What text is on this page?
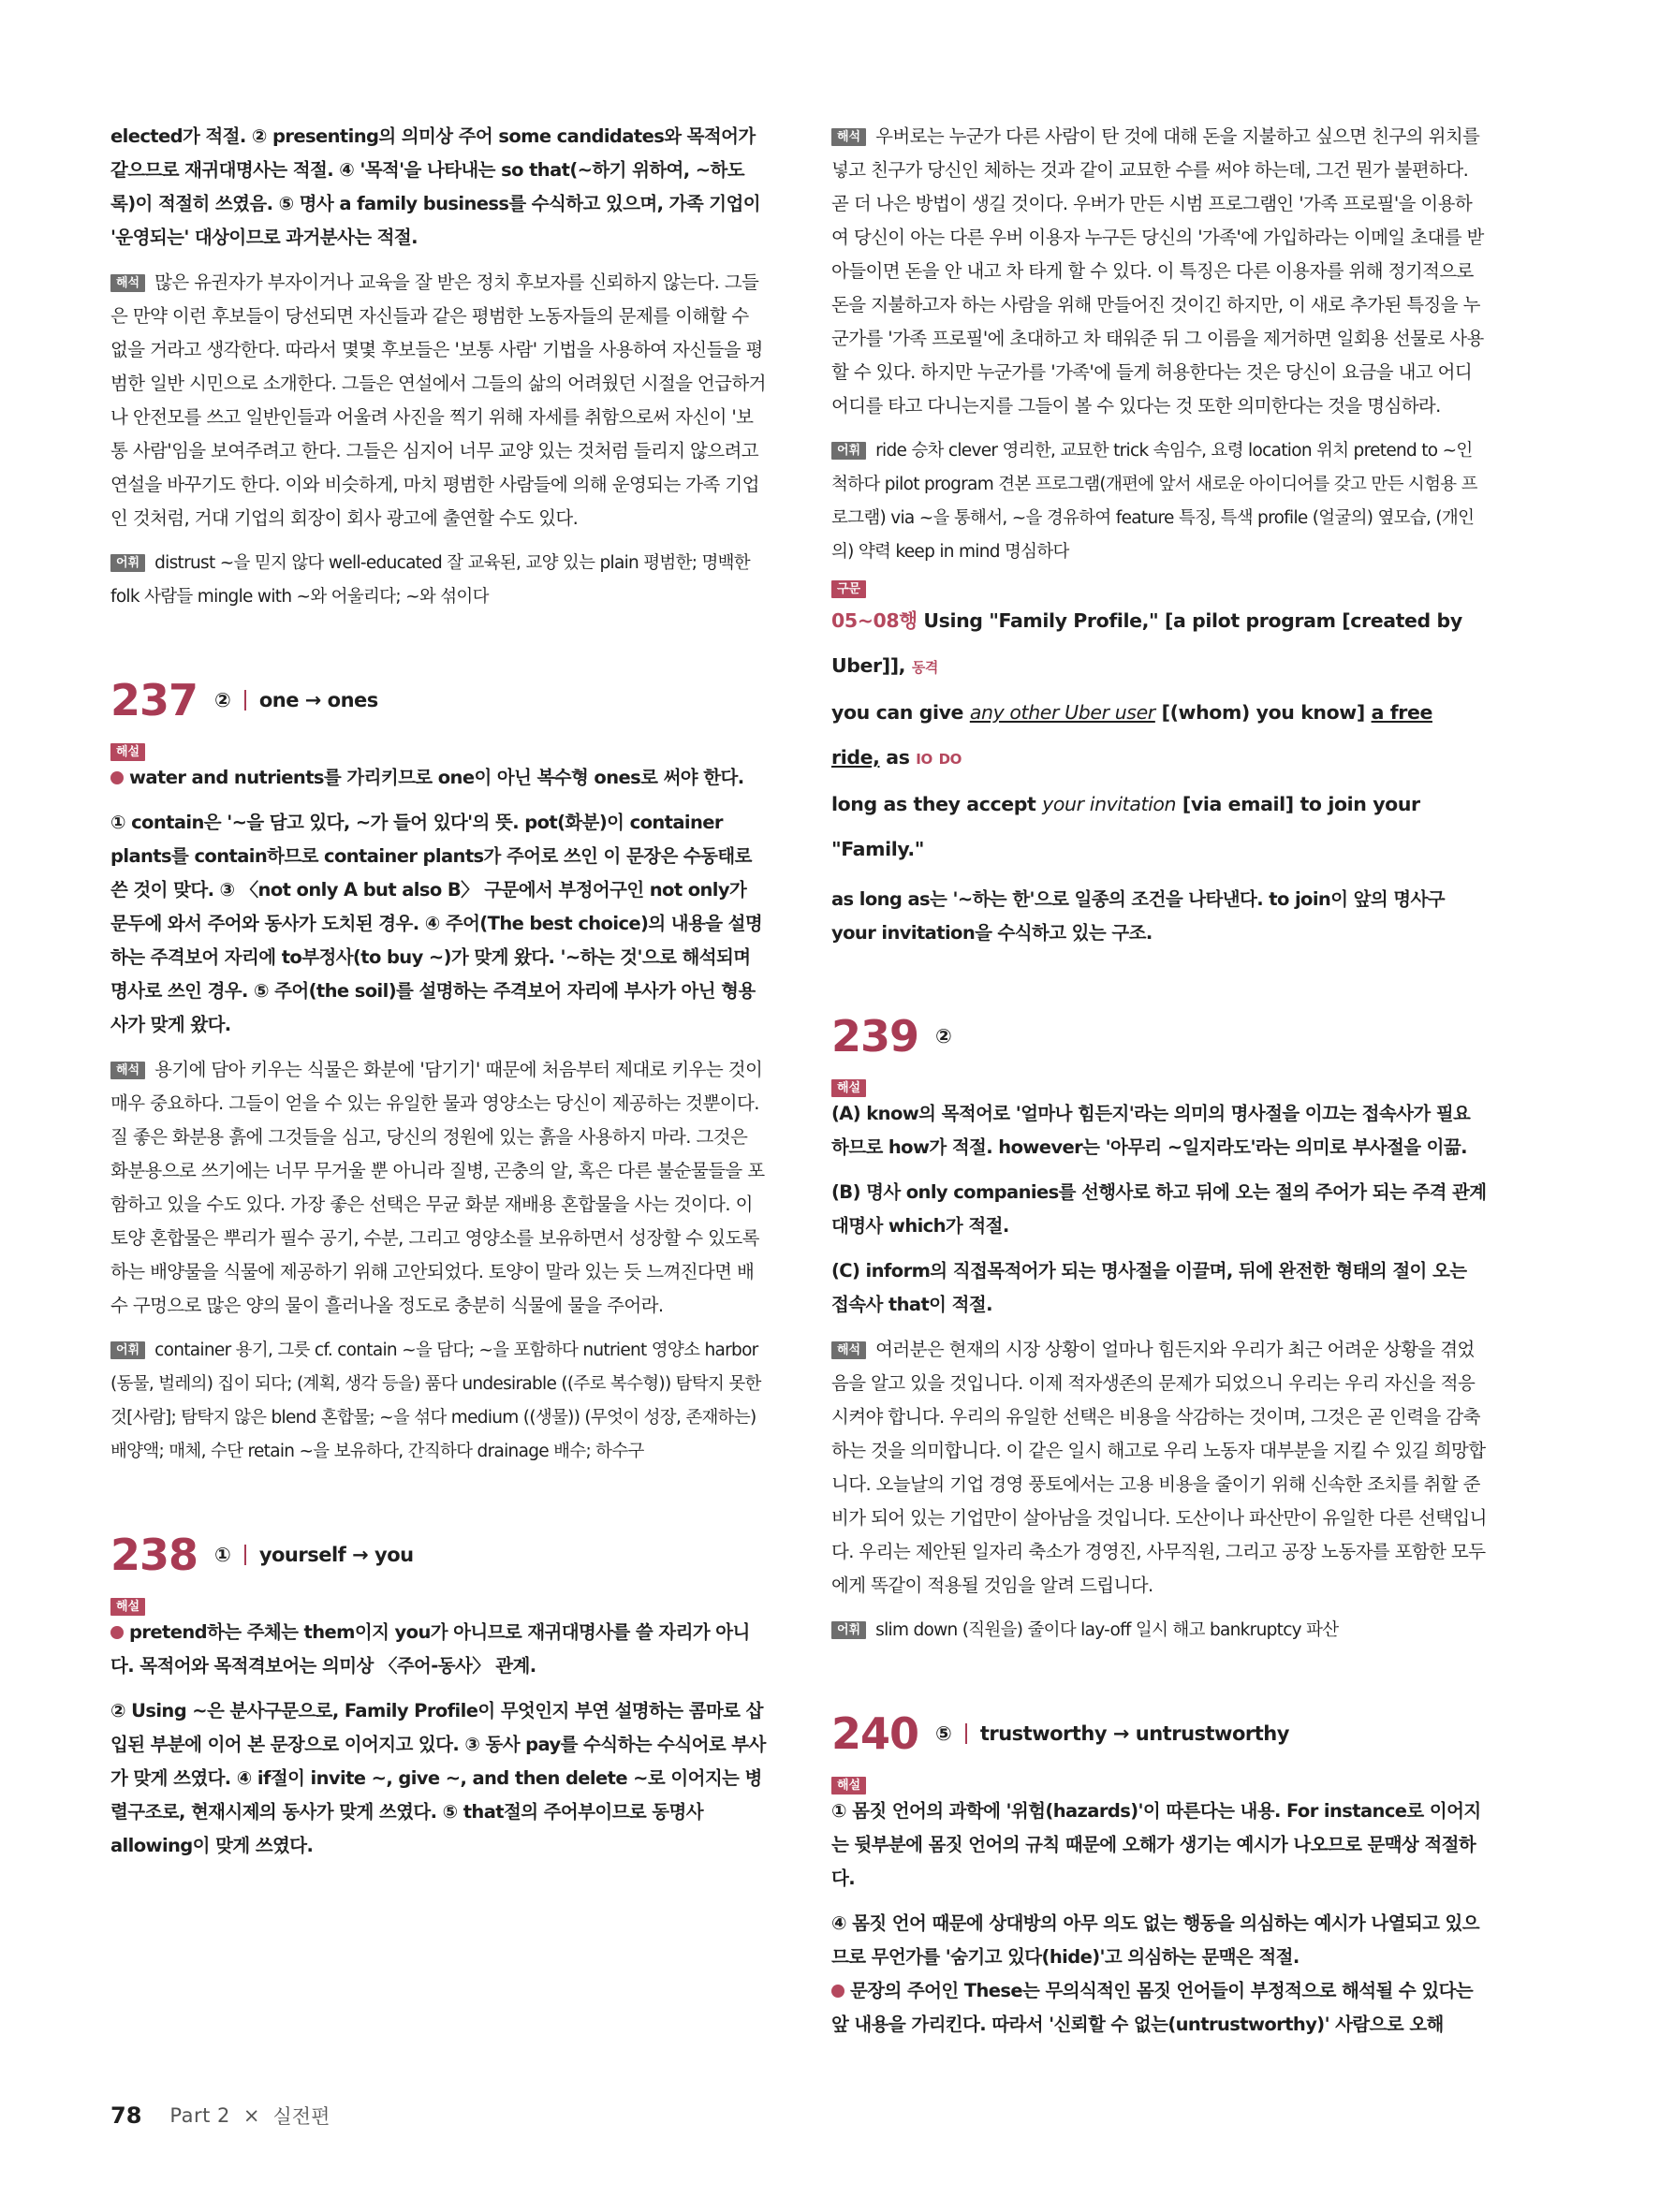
elected가 적절. ② presenting의 의미상 주어 some candidates와 목적어가 같으므로 재귀대명사는 적절. ④ '목적'을 나타내는 so that(~하기 위하여, ~하도록)이 적절히 쓰였음. ⑤ 명사 a family business를 수식하고 있으며, 가족 기업이 '운영되는' 대상이므로 과거분사는 적절.

해석 많은 유권자가 부자이거나 교육을 잘 받은 정치 후보자를 신뢰하지 않는다. 그들은 만약 이런 후보들이 당선되면 자신들과 같은 평범한 노동자들의 문제를 이해할 수 없을 거라고 생각한다. 따라서 몇몇 후보들은 '보통 사람' 기법을 사용하여 자신들을 평범한 일반 시민으로 소개한다. 그들은 연설에서 그들의 삶의 어려웠던 시절을 언급하거나 안전모를 쓰고 일반인들과 어울려 사진을 찍기 위해 자세를 취함으로써 자신이 '보통 사람'임을 보여주려고 한다. 그들은 심지어 너무 교양 있는 것처럼 들리지 않으려고 연설을 바꾸기도 한다. 이와 비슷하게, 마치 평범한 사람들에 의해 운영되는 가족 기업인 것처럼, 거대 기업의 회장이 회사 광고에 출연할 수도 있다.

어휘 distrust ~을 믿지 않다 well-educated 잘 교육된, 교양 있는 plain 평범한; 명백한 folk 사람들 mingle with ~와 어울리다; ~와 섞이다

237 ② one → ones
해설

water and nutrients를 가리키므로 one이 아닌 복수형 ones로 써야 한다.

① contain은 '~을 담고 있다, ~가 들어 있다'의 뜻. pot(화분)이 container plants를 contain하므로 container plants가 주어로 쓰인 이 문장은 수동태로 쓴 것이 맞다. ③ 〈not only A but also B〉 구문에서 부정어구인 not only가 문두에 와서 주어와 동사가 도치된 경우. ④ 주어(The best choice)의 내용을 설명하는 주격보어 자리에 to부정사(to buy ~)가 맞게 왔다. '~하는 것'으로 해석되며 명사로 쓰인 경우. ⑤ 주어(the soil)를 설명하는 주격보어 자리에 부사가 아닌 형용사가 맞게 왔다.

해석 용기에 담아 키우는 식물은 화분에 '담기기' 때문에 처음부터 제대로 키우는 것이 매우 중요하다. 그들이 얻을 수 있는 유일한 물과 영양소는 당신이 제공하는 것뿐이다. 질 좋은 화분용 흙에 그것들을 심고, 당신의 정원에 있는 흙을 사용하지 마라. 그것은 화분용으로 쓰기에는 너무 무거울 뿐 아니라 질병, 곤충의 알, 혹은 다른 불순물들을 포함하고 있을 수도 있다. 가장 좋은 선택은 무균 화분 재배용 혼합물을 사는 것이다. 이 토양 혼합물은 뿌리가 필수 공기, 수분, 그리고 영양소를 보유하면서 성장할 수 있도록 하는 배양물을 식물에 제공하기 위해 고안되었다. 토양이 말라 있는 듯 느껴진다면 배수 구멍으로 많은 양의 물이 흘러나올 정도로 충분히 식물에 물을 주어라.

어휘 container 용기, 그릇 cf. contain ~을 담다; ~을 포함하다 nutrient 영양소 harbor (동물, 벌레의) 집이 되다; (계획, 생각 등을) 품다 undesirable ((주로 복수형)) 탐탁지 못한 것[사람]; 탐탁지 않은 blend 혼합물; ~을 섞다 medium ((생물)) (무엇이 성장, 존재하는) 배양액; 매체, 수단 retain ~을 보유하다, 간직하다 drainage 배수; 하수구

238 ① yourself → you
해설

pretend하는 주체는 them이지 you가 아니므로 재귀대명사를 쓸 자리가 아니다. 목적어와 목적격보어는 의미상 〈주어-동사〉 관계.

② Using ~은 분사구문으로, Family Profile이 무엇인지 부연 설명하는 콤마로 삽입된 부분에 이어 본 문장으로 이어지고 있다. ③ 동사 pay를 수식하는 수식어로 부사가 맞게 쓰였다. ④ if절이 invite ~, give ~, and then delete ~로 이어지는 병렬구조로, 현재시제의 동사가 맞게 쓰였다. ⑤ that절의 주어부이므로 동명사 allowing이 맞게 쓰였다.

해석 우버로는 누군가 다른 사람이 탄 것에 대해 돈을 지불하고 싶으면 친구의 위치를 넣고 친구가 당신인 체하는 것과 같이 교묘한 수를 써야 하는데, 그건 뭔가 불편하다. 곧 더 나은 방법이 생길 것이다. 우버가 만든 시범 프로그램인 '가족 프로필'을 이용하여 당신이 아는 다른 우버 이용자 누구든 당신의 '가족'에 가입하라는 이메일 초대를 받아들이면 돈을 안 내고 차 타게 할 수 있다. 이 특징은 다른 이용자를 위해 정기적으로 돈을 지불하고자 하는 사람을 위해 만들어진 것이긴 하지만, 이 새로 추가된 특징을 누군가를 '가족 프로필'에 초대하고 차 태워준 뒤 그 이름을 제거하면 일회용 선물로 사용할 수 있다. 하지만 누군가를 '가족'에 들게 허용한다는 것은 당신이 요금을 내고 어디 어디를 타고 다니는지를 그들이 볼 수 있다는 것 또한 의미한다는 것을 명심하라.

어휘 ride 승차 clever 영리한, 교묘한 trick 속임수, 요령 location 위치 pretend to ~인 척하다 pilot program 견본 프로그램(개편에 앞서 새로운 아이디어를 갖고 만든 시험용 프로그램) via ~을 통해서, ~을 경유하여 feature 특징, 특색 profile (얼굴의) 옆모습, (개인의) 약력 keep in mind 명심하다

구문

05~08행 Using "Family Profile," [a pilot program [created by Uber]], 동격

you can give any other Uber user [(whom) you know] a free ride, as IO DO

long as they accept your invitation [via email] to join your "Family."

as long as는 '~하는 한'으로 일종의 조건을 나타낸다. to join이 앞의 명사구 your invitation을 수식하고 있는 구조.

239 ②
해설

(A) know의 목적어로 '얼마나 힘든지'라는 의미의 명사절을 이끄는 접속사가 필요하므로 how가 적절. however는 '아무리 ~일지라도'라는 의미로 부사절을 이끎.

(B) 명사 only companies를 선행사로 하고 뒤에 오는 절의 주어가 되는 주격 관계대명사 which가 적절.

(C) inform의 직접목적어가 되는 명사절을 이끌며, 뒤에 완전한 형태의 절이 오는 접속사 that이 적절.

해석 여러분은 현재의 시장 상황이 얼마나 힘든지와 우리가 최근 어려운 상황을 겪었음을 알고 있을 것입니다. 이제 적자생존의 문제가 되었으니 우리는 우리 자신을 적응시켜야 합니다. 우리의 유일한 선택은 비용을 삭감하는 것이며, 그것은 곧 인력을 감축하는 것을 의미합니다. 이 같은 일시 해고로 우리 노동자 대부분을 지킬 수 있길 희망합니다. 오늘날의 기업 경영 풍토에서는 고용 비용을 줄이기 위해 신속한 조치를 취할 준비가 되어 있는 기업만이 살아남을 것입니다. 도산이나 파산만이 유일한 다른 선택입니다. 우리는 제안된 일자리 축소가 경영진, 사무직원, 그리고 공장 노동자를 포함한 모두에게 똑같이 적용될 것임을 알려 드립니다.

어휘 slim down (직원을) 줄이다 lay-off 일시 해고 bankruptcy 파산

240 ⑤ trustworthy → untrustworthy
해설

① 몸짓 언어의 과학에 '위험(hazards)'이 따른다는 내용. For instance로 이어지는 뒷부분에 몸짓 언어의 규칙 때문에 오해가 생기는 예시가 나오므로 문맥상 적절하다.

④ 몸짓 언어 때문에 상대방의 아무 의도 없는 행동을 의심하는 예시가 나열되고 있으므로 무언가를 '숨기고 있다(hide)'고 의심하는 문맥은 적절.

문장의 주어인 These는 무의식적인 몸짓 언어들이 부정적으로 해석될 수 있다는 앞 내용을 가리킨다. 따라서 '신뢰할 수 없는(untrustworthy)' 사람으로 오해

78 Part 2 × 실전편
